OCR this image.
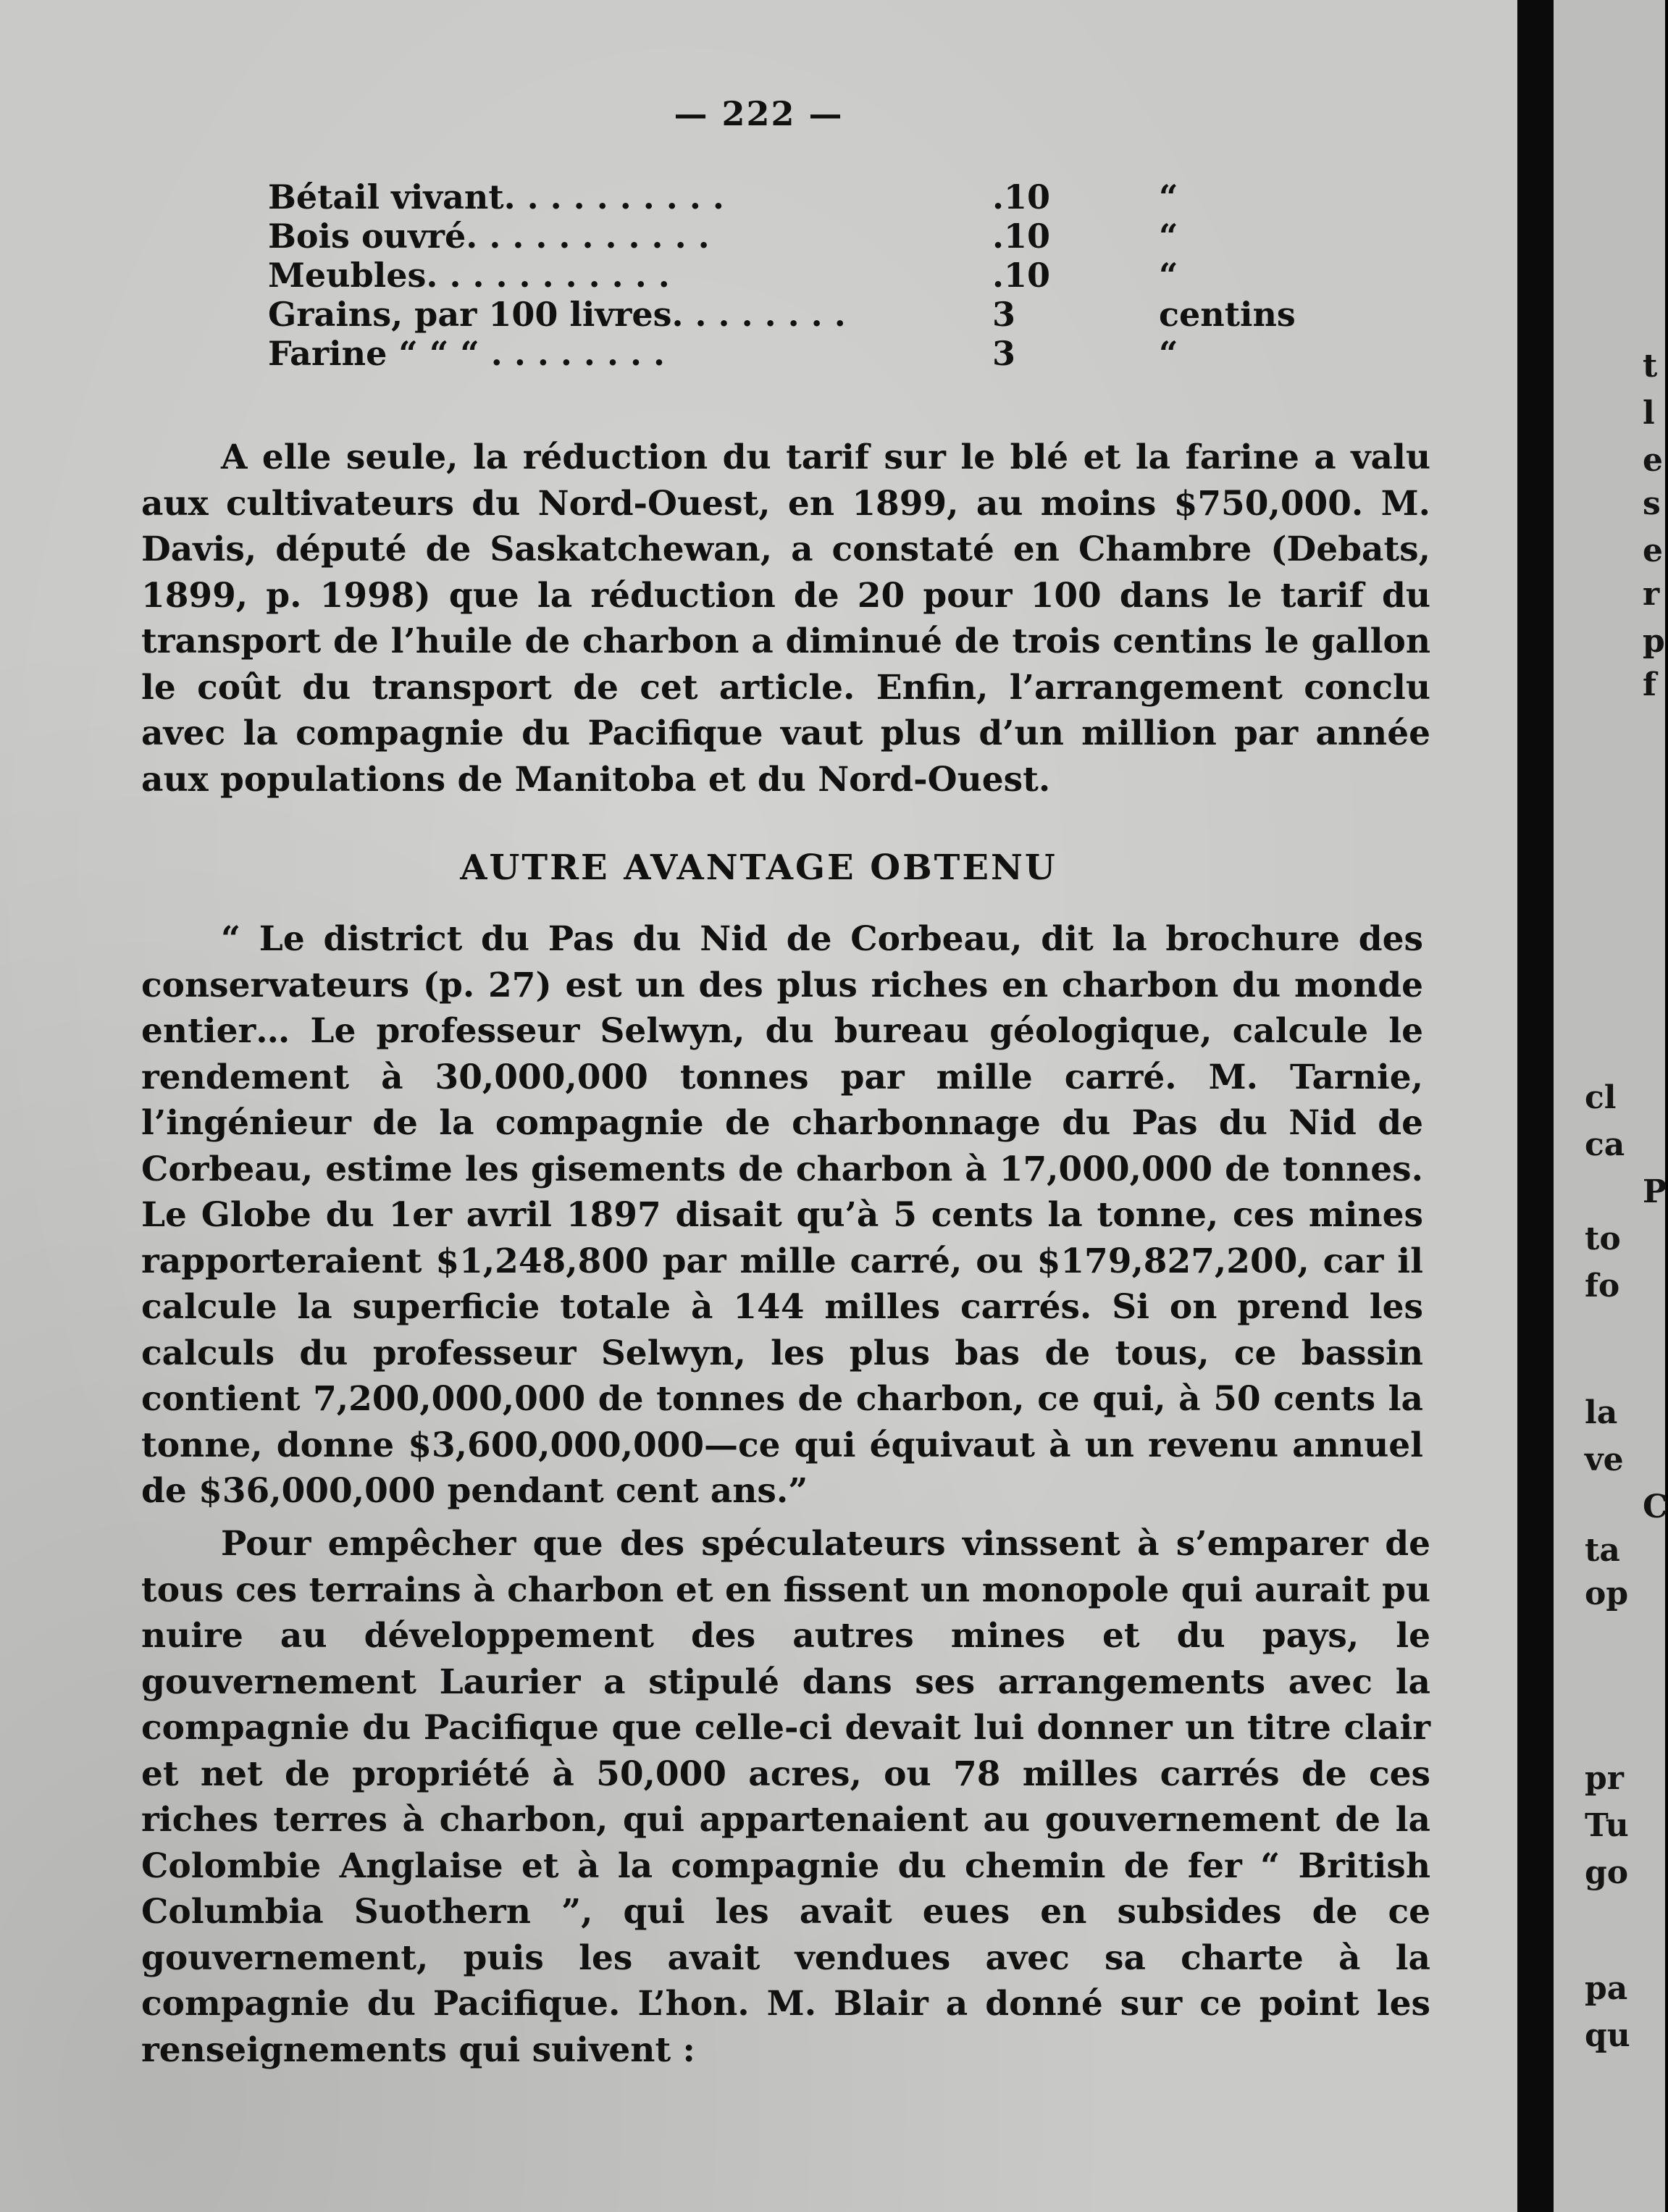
— 222 —
Bétail vivant. . . . . . . . . .	.10	“
Bois ouvré. . . . . . . . . . .	.10	“
Meubles. . . . . . . . . . .	.10	“
Grains, par 100 livres. . . . . . . .	3	centins
Farine “ “ “ . . . . . . . .	3	“

A elle seule, la réduction du tarif sur le blé et la farine a valu aux cultivateurs du Nord-Ouest, en 1899, au moins $750,000. M. Davis, député de Saskatchewan, a constaté en Chambre (Debats, 1899, p. 1998) que la réduction de 20 pour 100 dans le tarif du transport de l’huile de charbon a diminué de trois centins le gallon le coût du transport de cet article. Enfin, l’arrangement conclu avec la compagnie du Pacifique vaut plus d’un million par année aux populations de Manitoba et du Nord-Ouest.

AUTRE AVANTAGE OBTENU

“ Le district du Pas du Nid de Corbeau, dit la brochure des conservateurs (p. 27) est un des plus riches en charbon du monde entier… Le professeur Selwyn, du bureau géologique, calcule le rendement à 30,000,000 tonnes par mille carré. M. Tarnie, l’ingénieur de la compagnie de charbonnage du Pas du Nid de Corbeau, estime les gisements de charbon à 17,000,000 de tonnes. Le Globe du 1er avril 1897 disait qu’à 5 cents la tonne, ces mines rapporteraient $1,248,800 par mille carré, ou $179,827,200, car il calcule la superficie totale à 144 milles carrés. Si on prend les calculs du professeur Selwyn, les plus bas de tous, ce bassin contient 7,200,000,000 de tonnes de charbon, ce qui, à 50 cents la tonne, donne $3,600,000,000—ce qui équivaut à un revenu annuel de $36,000,000 pendant cent ans.”

Pour empêcher que des spéculateurs vinssent à s’emparer de tous ces terrains à charbon et en fissent un monopole qui aurait pu nuire au développement des autres mines et du pays, le gouvernement Laurier a stipulé dans ses arrangements avec la compagnie du Pacifique que celle-ci devait lui donner un titre clair et net de propriété à 50,000 acres, ou 78 milles carrés de ces riches terres à charbon, qui appartenaient au gouvernement de la Colombie Anglaise et à la compagnie du chemin de fer “ British Columbia Suothern ”, qui les avait eues en subsides de ce gouvernement, puis les avait vendues avec sa charte à la compagnie du Pacifique. L’hon. M. Blair a donné sur ce point les renseignements qui suivent :

t
l
e
s
e
r
p
f
cl
ca
P
to
fo
la
ve
C
ta
op
pr
Tu
go
pa
qu
